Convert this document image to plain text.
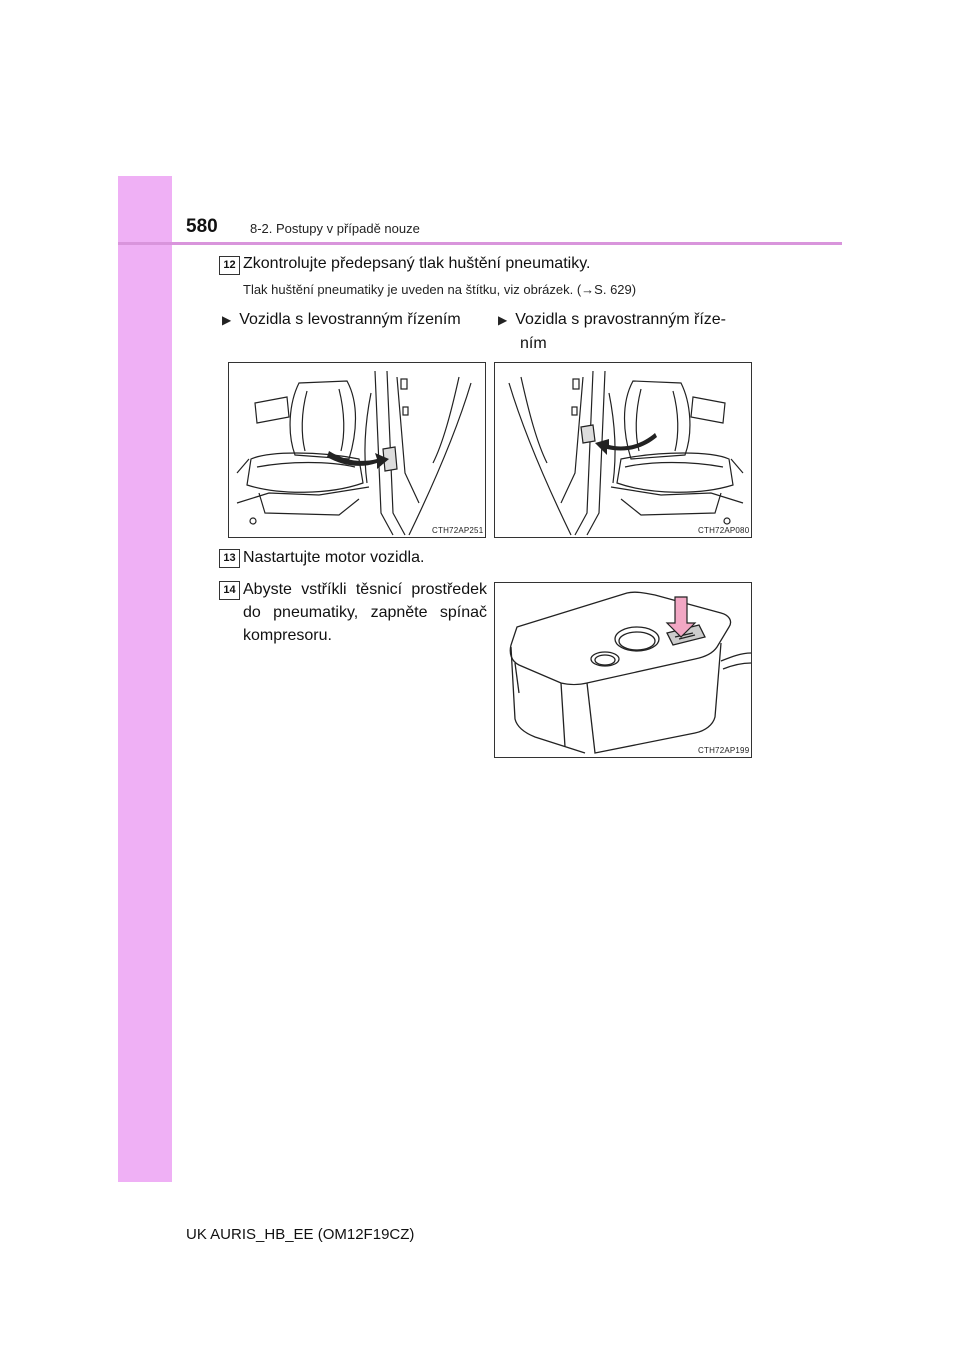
580 8-2. Postupy v případě nouze
12 Zkontrolujte předepsaný tlak huštění pneumatiky.
Tlak huštění pneumatiky je uveden na štítku, viz obrázek. (→S. 629)
▶ Vozidla s levostranným řízením	▶ Vozidla s pravostranným říze-
ním
CTH72AP251	CTH72AP080
13 Nastartujte motor vozidla.
14 Abyste vstříkli těsnicí prostředek do pneumatiky, zapněte spínač kompresoru.
CTH72AP199
UK AURIS_HB_EE (OM12F19CZ)
